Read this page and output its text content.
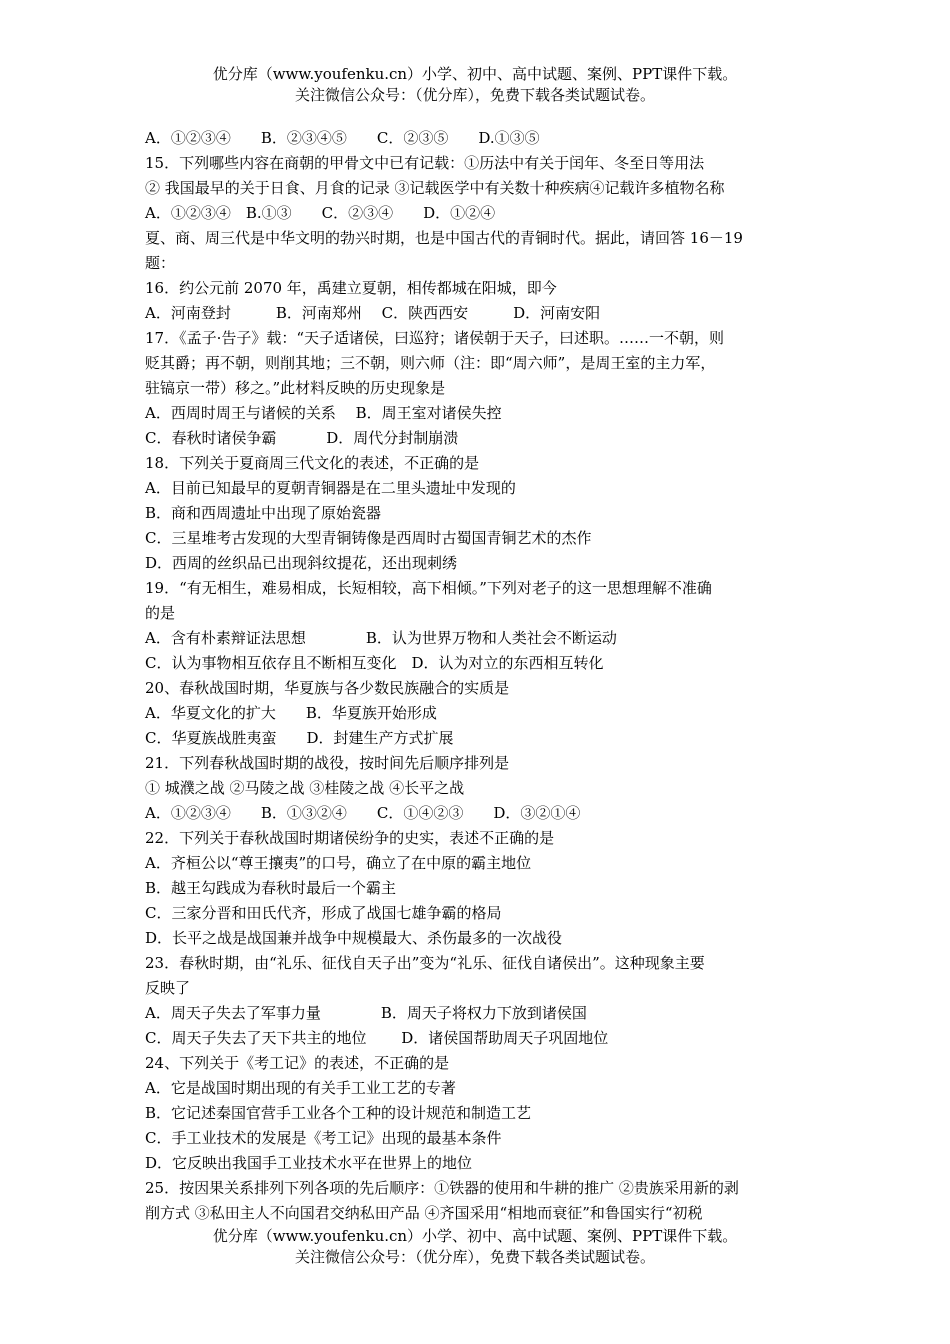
优分库（www.youfenku.cn）小学、初中、高中试题、案例、PPT课件下载。
关注微信公众号：（优分库），免费下载各类试题试卷。
A．①②③④　　B．②③④⑤　　C．②③⑤　　D.①③⑤
15．下列哪些内容在商朝的甲骨文中已有记载：①历法中有关于闰年、冬至日等用法
② 我国最早的关于日食、月食的记录 ③记载医学中有关数十种疾病④记载许多植物名称
A．①②③④　B.①③　　C．②③④　　D．①②④
夏、商、周三代是中华文明的勃兴时期，也是中国古代的青铜时代。据此，请回答 16－19
题：
16．约公元前 2070 年，禹建立夏朝，相传都城在阳城，即今
A．河南登封　　　B．河南郑州　 C．陕西西安　　　D．河南安阳
17．《孟子·告子》载：“天子适诸侯，曰巡狩；诸侯朝于天子，曰述职。……一不朝，则
贬其爵；再不朝，则削其地；三不朝，则六师（注：即“周六师”，是周王室的主力军，
驻镐京一带）移之。”此材料反映的历史现象是
A．西周时周王与诸候的关系　 B．周王室对诸侯失控
C．春秋时诸侯争霸　　　 D．周代分封制崩溃
18．下列关于夏商周三代文化的表述，不正确的是
A．目前已知最早的夏朝青铜器是在二里头遗址中发现的
B．商和西周遗址中出现了原始瓷器
C．三星堆考古发现的大型青铜铸像是西周时古蜀国青铜艺术的杰作
D．西周的丝织品已出现斜纹提花，还出现刺绣
19．“有无相生，难易相成，长短相较，高下相倾。”下列对老子的这一思想理解不准确
的是
A．含有朴素辩证法思想　　　　B．认为世界万物和人类社会不断运动
C．认为事物相互依存且不断相互变化　D．认为对立的东西相互转化
20、春秋战国时期，华夏族与各少数民族融合的实质是
A．华夏文化的扩大　　B．华夏族开始形成
C．华夏族战胜夷蛮　　D．封建生产方式扩展
21．下列春秋战国时期的战役，按时间先后顺序排列是
① 城濮之战 ②马陵之战 ③桂陵之战 ④长平之战
A．①②③④　　B．①③②④　　C．①④②③　　D．③②①④
22．下列关于春秋战国时期诸侯纷争的史实，表述不正确的是
A．齐桓公以“尊王攘夷”的口号，确立了在中原的霸主地位
B．越王勾践成为春秋时最后一个霸主
C．三家分晋和田氏代齐，形成了战国七雄争霸的格局
D．长平之战是战国兼并战争中规模最大、杀伤最多的一次战役
23．春秋时期，由“礼乐、征伐自天子出”变为“礼乐、征伐自诸侯出”。这种现象主要
反映了
A．周天子失去了军事力量　　　　B．周天子将权力下放到诸侯国
C．周天子失去了天下共主的地位　　 D．诸侯国帮助周天子巩固地位
24、下列关于《考工记》的表述，不正确的是
A．它是战国时期出现的有关手工业工艺的专著
B．它记述秦国官营手工业各个工种的设计规范和制造工艺
C．手工业技术的发展是《考工记》出现的最基本条件
D．它反映出我国手工业技术水平在世界上的地位
25．按因果关系排列下列各项的先后顺序：①铁器的使用和牛耕的推广 ②贵族采用新的剥
削方式 ③私田主人不向国君交纳私田产品 ④齐国采用“相地而衰征”和鲁国实行“初税
优分库（www.youfenku.cn）小学、初中、高中试题、案例、PPT课件下载。
关注微信公众号：（优分库），免费下载各类试题试卷。
